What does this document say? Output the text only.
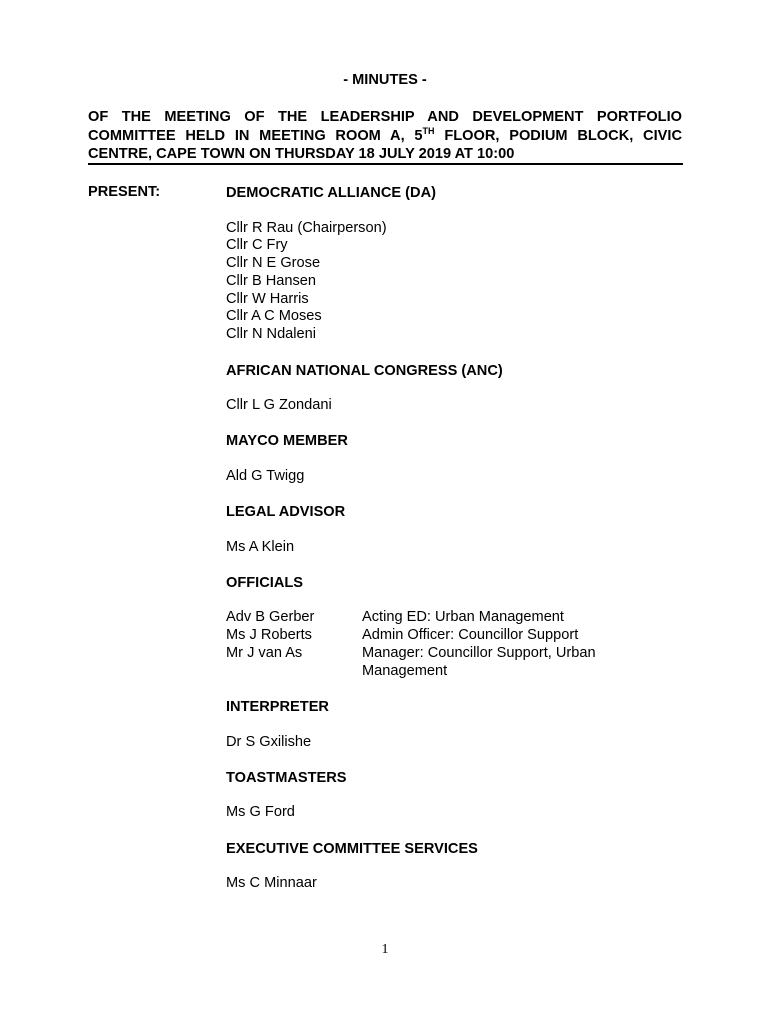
- MINUTES -
OF THE MEETING OF THE LEADERSHIP AND DEVELOPMENT PORTFOLIO COMMITTEE HELD IN MEETING ROOM A, 5TH FLOOR, PODIUM BLOCK, CIVIC CENTRE, CAPE TOWN ON THURSDAY 18 JULY 2019 AT 10:00
PRESENT:	DEMOCRATIC ALLIANCE (DA)
Cllr R Rau (Chairperson)
Cllr C Fry
Cllr N E Grose
Cllr B Hansen
Cllr W Harris
Cllr A C Moses
Cllr N Ndaleni
AFRICAN NATIONAL CONGRESS (ANC)
Cllr L G Zondani
MAYCO MEMBER
Ald G Twigg
LEGAL ADVISOR
Ms A Klein
OFFICIALS
Adv B Gerber	Acting ED: Urban Management
Ms J Roberts	Admin Officer: Councillor Support
Mr J van As	Manager: Councillor Support, Urban Management
INTERPRETER
Dr S Gxilishe
TOASTMASTERS
Ms G Ford
EXECUTIVE COMMITTEE SERVICES
Ms C Minnaar
1
